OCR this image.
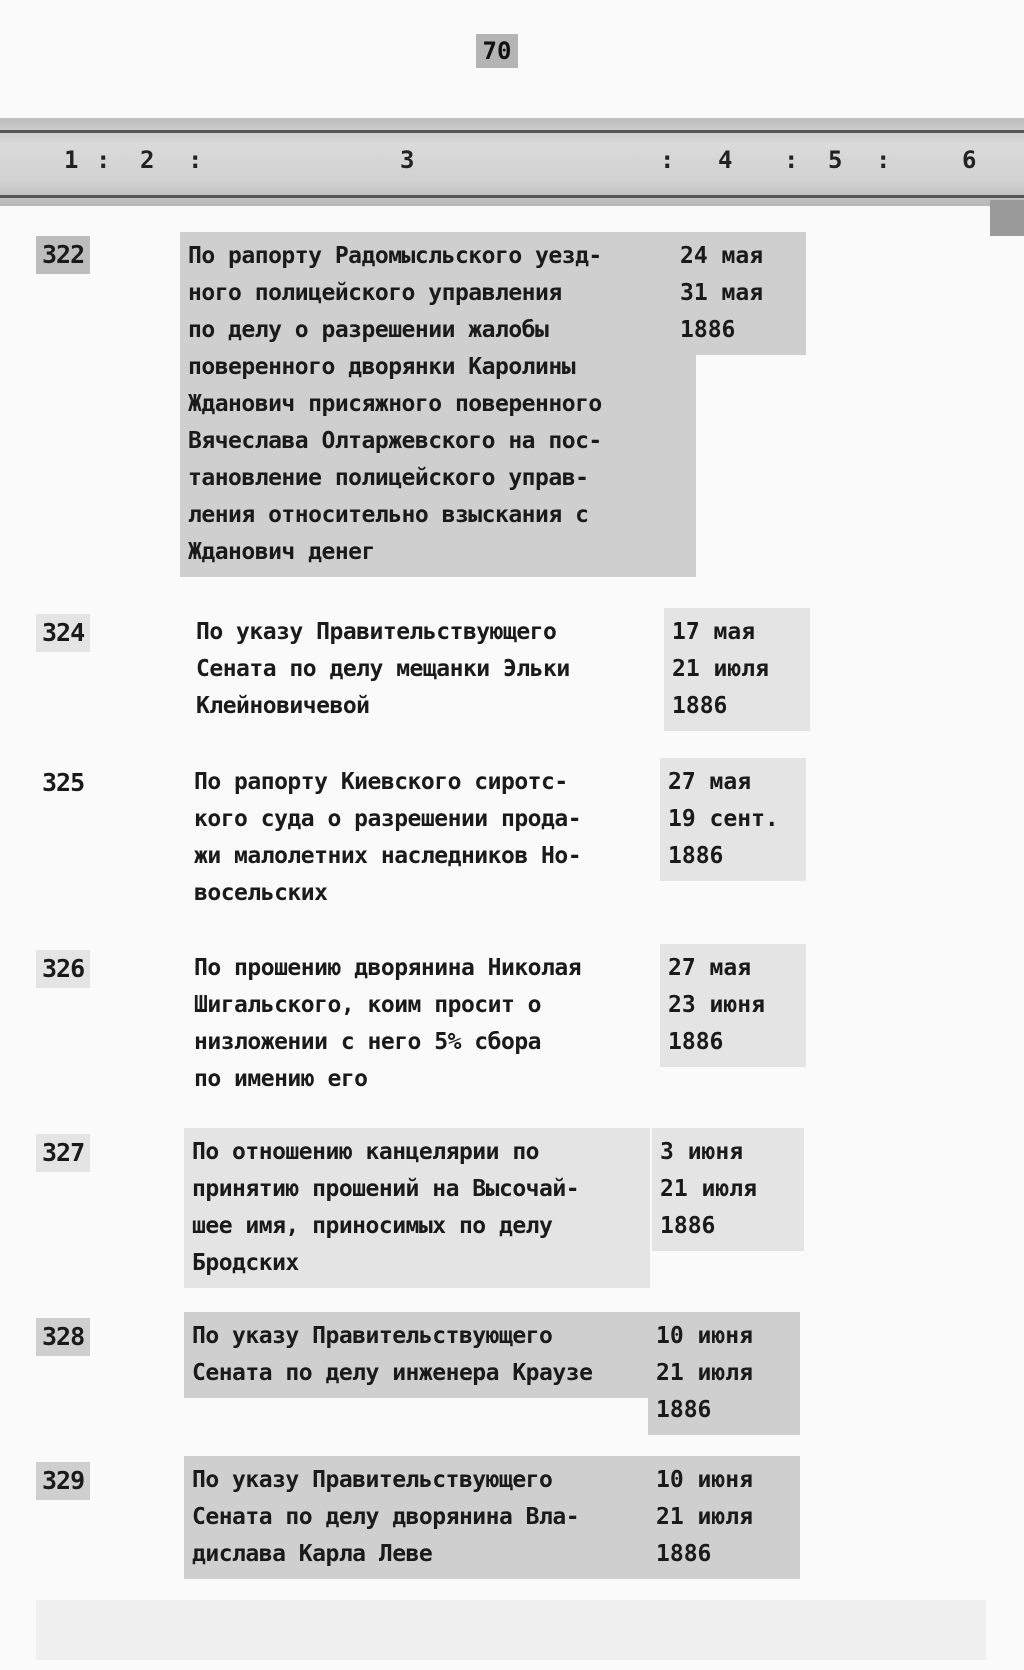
70
1 : 2 :	3	: 4 : 5 :	6
322	По рапорту Радомысльского уезд-
ного полицейского управления
по делу о разрешении жалобы
поверенного дворянки Каролины
Жданович присяжного поверенного
Вячеслава Олтаржевского на пос-
тановление полицейского управ-
ления относительно взыскания с
Жданович денег
24 мая
31 мая
1886
324	По указу Правительствующего
Сената по делу мещанки Эльки
Клейновичевой
17 мая
21 июля
1886
325	По рапорту Киевского сиротс-
кого суда о разрешении прода-
жи малолетних наследников Но-
восельских
27 мая
19 сент.
1886
326	По прошению дворянина Николая
Шигальского, коим просит о
низложении с него 5% сбора
по имению его
27 мая
23 июня
1886
327	По отношению канцелярии по
принятию прошений на Высочай-
шее имя, приносимых по делу
Бродских
3 июня
21 июля
1886
328	По указу Правительствующего
Сената по делу инженера Краузе
10 июня
21 июля
1886
329	По указу Правительствующего
Сената по делу дворянина Вла-
дислава Карла Леве
10 июня
21 июля
1886
